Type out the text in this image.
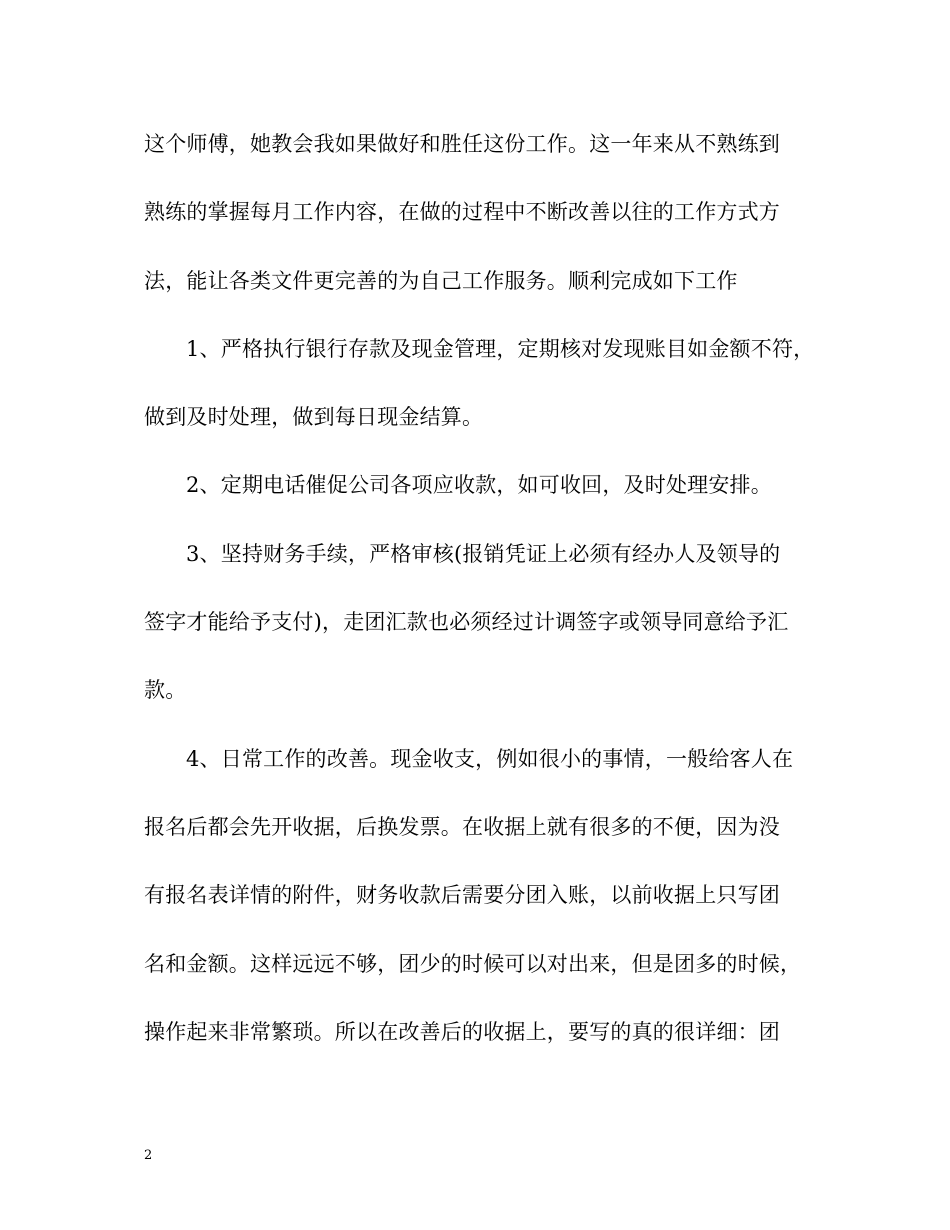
这个师傅，她教会我如果做好和胜任这份工作。这一年来从不熟练到
熟练的掌握每月工作内容，在做的过程中不断改善以往的工作方式方
法，能让各类文件更完善的为自己工作服务。顺利完成如下工作
1、严格执行银行存款及现金管理，定期核对发现账目如金额不符，
做到及时处理，做到每日现金结算。
2、定期电话催促公司各项应收款，如可收回，及时处理安排。
3、坚持财务手续，严格审核(报销凭证上必须有经办人及领导的
签字才能给予支付)，走团汇款也必须经过计调签字或领导同意给予汇
款。
4、日常工作的改善。现金收支，例如很小的事情，一般给客人在
报名后都会先开收据，后换发票。在收据上就有很多的不便，因为没
有报名表详情的附件，财务收款后需要分团入账，以前收据上只写团
名和金额。这样远远不够，团少的时候可以对出来，但是团多的时候，
操作起来非常繁琐。所以在改善后的收据上，要写的真的很详细：团
2
